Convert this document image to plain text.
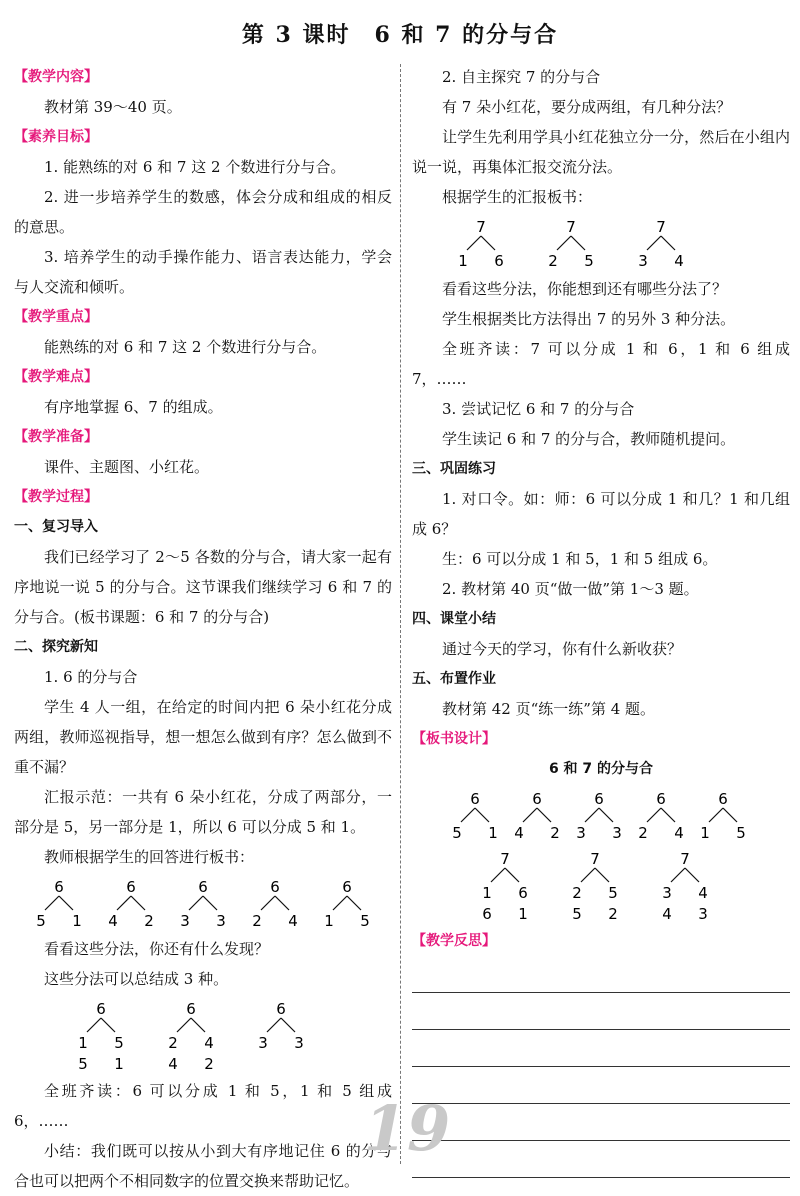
第 3 课时　6 和 7 的分与合
【教学内容】

教材第 39～40 页。

【素养目标】

1. 能熟练的对 6 和 7 这 2 个数进行分与合。

2. 进一步培养学生的数感，体会分成和组成的相反的意思。

3. 培养学生的动手操作能力、语言表达能力，学会与人交流和倾听。

【教学重点】

能熟练的对 6 和 7 这 2 个数进行分与合。

【教学难点】

有序地掌握 6、7 的组成。

【教学准备】

课件、主题图、小红花。

【教学过程】
一、复习导入

我们已经学习了 2～5 各数的分与合，请大家一起有序地说一说 5 的分与合。这节课我们继续学习 6 和 7 的分与合。(板书课题：6 和 7 的分与合)

二、探究新知

1. 6 的分与合

学生 4 人一组，在给定的时间内把 6 朵小红花分成两组，教师巡视指导，想一想怎么做到有序？怎么做到不重不漏？

汇报示范：一共有 6 朵小红花，分成了两部分，一部分是 5，另一部分是 1，所以 6 可以分成 5 和 1。

教师根据学生的回答进行板书：

6
5 1
6
4 2
6
3 3
6
2 4
6
1 5

看看这些分法，你还有什么发现？

这些分法可以总结成 3 种。

6
1 5
5 1
6
2 4
4 2
6
3 3

全班齐读：6 可以分成 1 和 5，1 和 5 组成 6，……

小结：我们既可以按从小到大有序地记住 6 的分与合也可以把两个不相同数字的位置交换来帮助记忆。

2. 自主探究 7 的分与合

有 7 朵小红花，要分成两组，有几种分法？

让学生先利用学具小红花独立分一分，然后在小组内说一说，再集体汇报交流分法。

根据学生的汇报板书：

7
1 6
7
2 5
7
3 4

看看这些分法，你能想到还有哪些分法了？

学生根据类比方法得出 7 的另外 3 种分法。

全班齐读：7 可以分成 1 和 6，1 和 6 组成 7，……

3. 尝试记忆 6 和 7 的分与合

学生读记 6 和 7 的分与合，教师随机提问。

三、巩固练习

1. 对口令。如：师：6 可以分成 1 和几？1 和几组成 6？

生：6 可以分成 1 和 5，1 和 5 组成 6。

2. 教材第 40 页“做一做”第 1～3 题。

四、课堂小结

通过今天的学习，你有什么新收获？

五、布置作业

教材第 42 页“练一练”第 4 题。

【板书设计】
6 和 7 的分与合
6
5 1
6
4 2
6
3 3
6
2 4
6
1 5
7
1 6
6 1
7
2 5
5 2
7
3 4
4 3
【教学反思】
19
